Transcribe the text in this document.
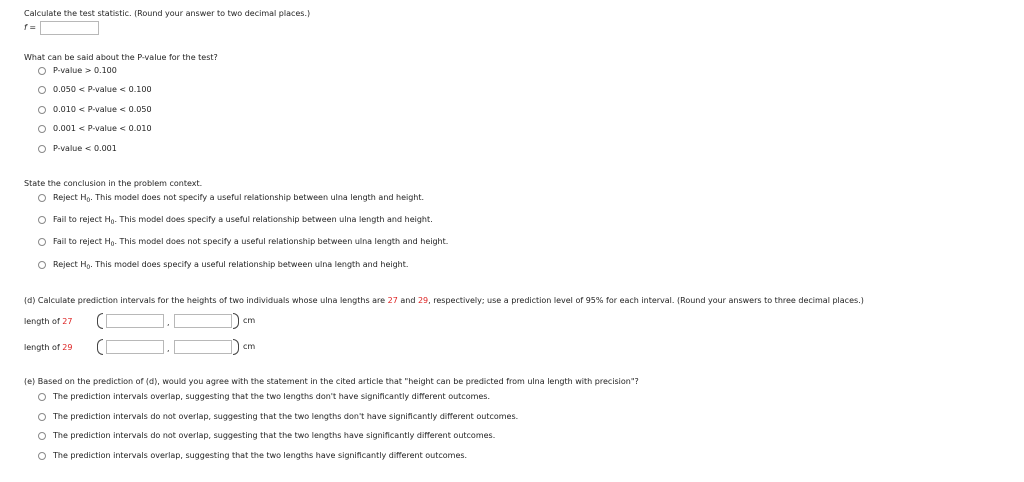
Calculate the test statistic. (Round your answer to two decimal places.)
f =
What can be said about the P-value for the test?
P-value > 0.100
0.050 < P-value < 0.100
0.010 < P-value < 0.050
0.001 < P-value < 0.010
P-value < 0.001
State the conclusion in the problem context.
Reject $H_0$. This model does not specify a useful relationship between ulna length and height.
Fail to reject $H_0$. This model does specify a useful relationship between ulna length and height.
Fail to reject $H_0$. This model does not specify a useful relationship between ulna length and height.
Reject $H_0$. This model does specify a useful relationship between ulna length and height.
(d) Calculate prediction intervals for the heights of two individuals whose ulna lengths are 27 and 29, respectively; use a prediction level of 95% for each interval. (Round your answers to three decimal places.)
length of 27	,	cm
length of 29	,	cm
(e) Based on the prediction of (d), would you agree with the statement in the cited article that "height can be predicted from ulna length with precision"?
The prediction intervals overlap, suggesting that the two lengths don't have significantly different outcomes.
The prediction intervals do not overlap, suggesting that the two lengths don't have significantly different outcomes.
The prediction intervals do not overlap, suggesting that the two lengths have significantly different outcomes.
The prediction intervals overlap, suggesting that the two lengths have significantly different outcomes.
